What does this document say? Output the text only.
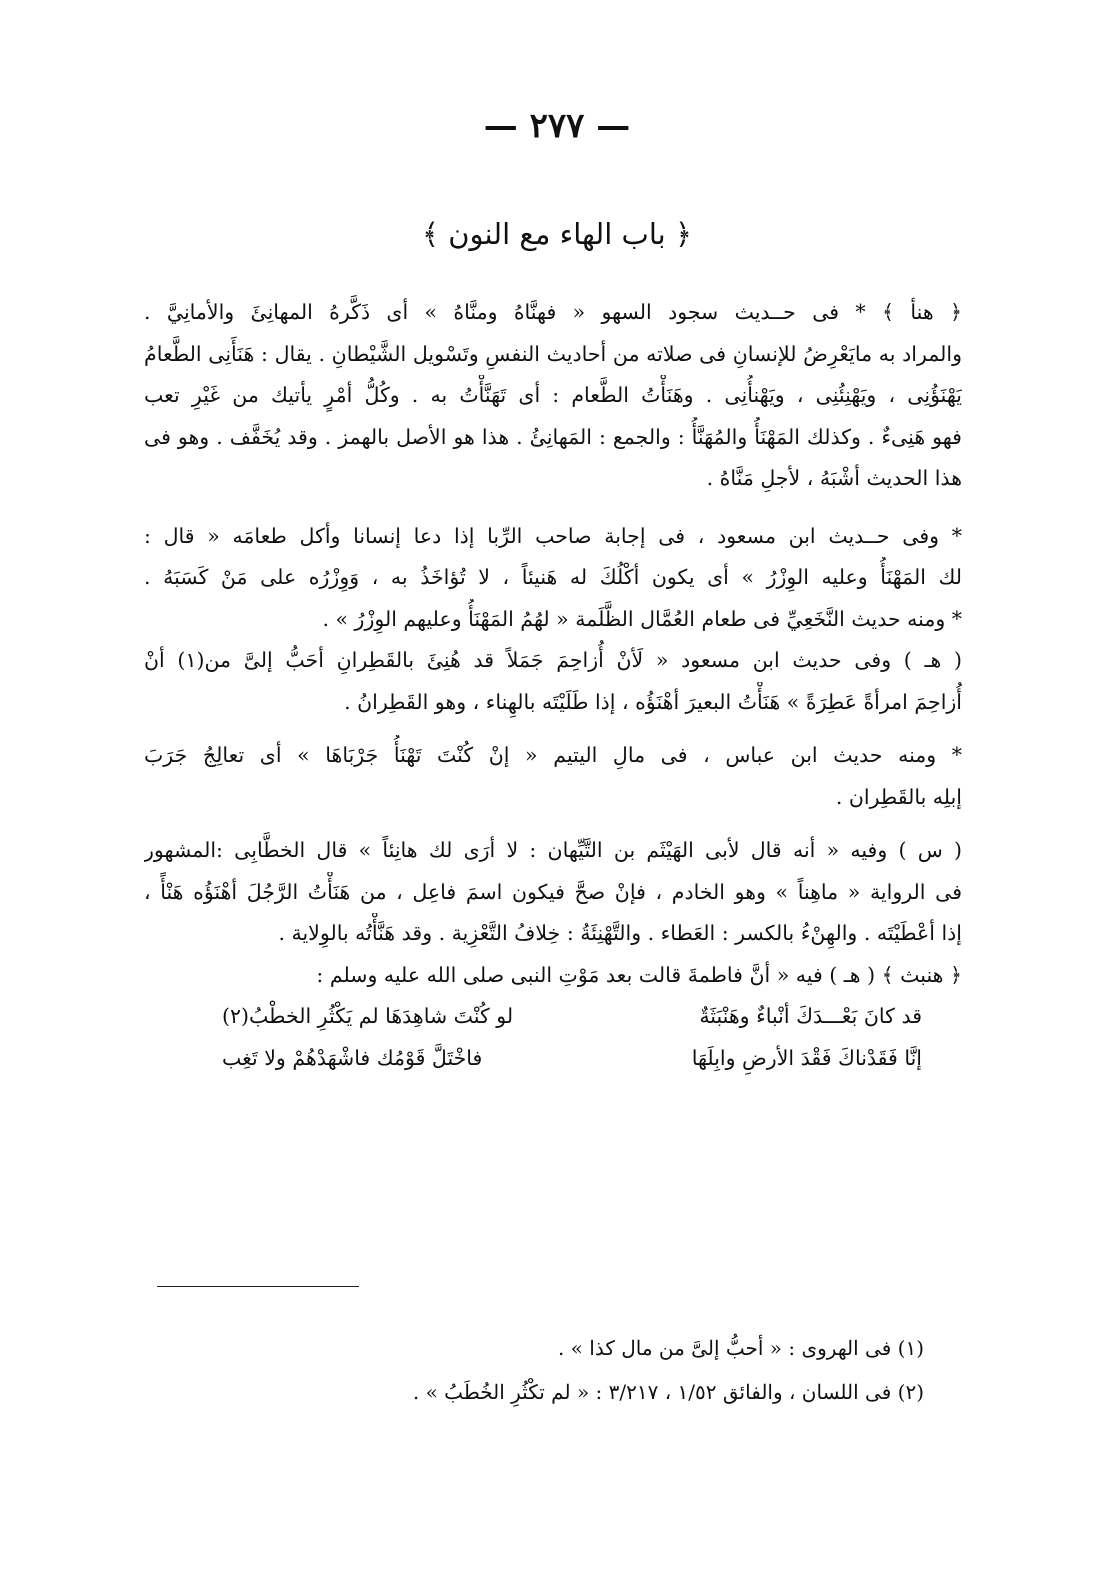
— ٢٧٧ —
﴿ باب الهاء مع النون ﴾
﴿ هنأ ﴾ * فى حــديث سجود السهو « فهنَّاهُ ومنَّاهُ » أى ذَكَّرهُ المهانِئَ والأمانِيَّ .
والمراد به مايَعْرِضُ للإنسانِ فى صلاته من أحاديث النفسِ وتَسْويل الشَّيْطانِ . يقال : هَنَأَنِى الطَّعامُ
يَهْنَؤُنِى ، ويَهْنِئُنِى ، ويَهْنأُنِى . وهَنَأْتُ الطَّعام : أى تَهَنَّأْتُ به . وكُلُّ أمْرٍ يأتيك من غَيْرِ تعب
فهو هَنِىءٌ . وكذلك المَهْنَأُ والمُهَنَّأُ : والجمع : المَهانِئُ . هذا هو الأصل بالهمز . وقد يُخَفَّف . وهو فى
هذا الحديث أشْبَهُ ، لأجلِ مَنَّاهُ .
* وفى حــديث ابن مسعود ، فى إجابة صاحب الرِّبا إذا دعا إنسانا وأكل طعامَه « قال :
لك المَهْنَأُ وعليه الوِزْرُ » أى يكون أكْلُكَ له هَنيئاً ، لا تُؤاخَذُ به ، وَوِزْرُه على مَنْ كَسَبَهُ .
* ومنه حديث النَّخَعِيِّ فى طعام العُمَّال الظَّلَمة « لهُمُ المَهْنَأُ وعليهم الوِزْرُ » .
( هـ ) وفى حديث ابن مسعود « لَأنْ أُزاحِمَ جَمَلاً قد هُنِئَ بالقَطِرانِ أحَبُّ إلىَّ من(١) أنْ
أُزاحِمَ امرأةً عَطِرَةً » هَنَأْتُ البعيرَ أهْنَؤُه ، إذا طَلَيْتَه بالهِناء ، وهو القَطِرانُ .
* ومنه حديث ابن عباس ، فى مالِ اليتيم « إنْ كُنْتَ تَهْنَأُ جَرْبَاهَا » أى تعالِجُ جَرَبَ
إبلِه بالقَطِران .
( س ) وفيه « أنه قال لأبى الهَيْثَم بن التَّيِّهان : لا أرَى لك هانِئاً » قال الخطَّابِى :المشهور
فى الرواية « ماهِناً » وهو الخادم ، فإنْ صحَّ فيكون اسمَ فاعِل ، من هَنَأْتُ الرَّجُلَ أهْنَؤُه هَنْأً ،
إذا أعْطَيْتَه . والهِنْءُ بالكسر : العَطاء . والتَّهْنِئَةُ : خِلافُ التَّعْزِية . وقد هَنَّأْتُه بالوِلاية .
﴿ هنبث ﴾ ( هـ ) فيه « أنَّ فاطمةَ قالت بعد مَوْتِ النبى صلى الله عليه وسلم :
قد كانَ بَعْـــدَكَ أنْباءٌ وهَنْبَثَةٌ
لو كُنْتَ شاهِدَهَا لم يَكْثُرِ الخطْبُ(٢)
إنَّا فَقَدْناكَ فَقْدَ الأرضِ وابِلَهَا
فاخْتَلَّ قَوْمُك فاشْهَدْهُمْ ولا تَغِب
(١) فى الهروى : « أحبُّ إلىَّ من مال كذا » .
(٢) فى اللسان ، والفائق ١/٥٢ ، ٣/٢١٧ : « لم تكْثُرِ الخُطَبُ » .
